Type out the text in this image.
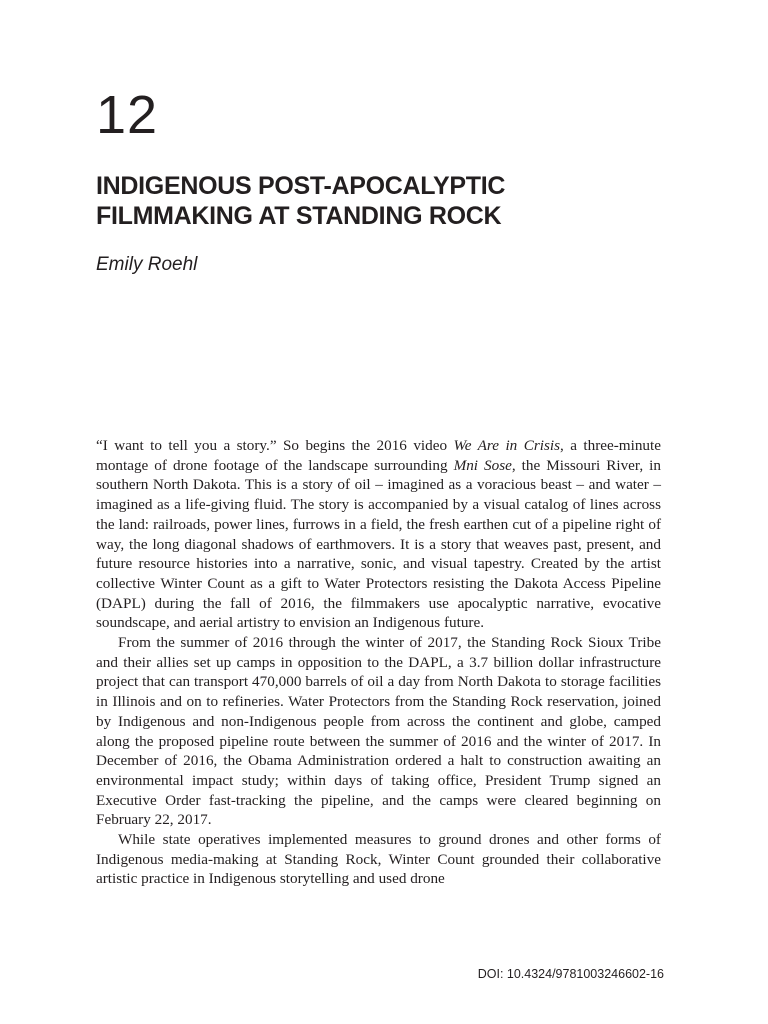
12
INDIGENOUS POST-APOCALYPTIC
FILMMAKING AT STANDING ROCK
Emily Roehl

“I want to tell you a story.” So begins the 2016 video We Are in Crisis, a three-minute montage of drone footage of the landscape surrounding Mni Sose, the Missouri River, in southern North Dakota. This is a story of oil – imagined as a voracious beast – and water – imagined as a life-giving fluid. The story is accompanied by a visual catalog of lines across the land: railroads, power lines, furrows in a field, the fresh earthen cut of a pipeline right of way, the long diagonal shadows of earthmovers. It is a story that weaves past, present, and future resource histories into a narrative, sonic, and visual tapestry. Created by the artist collective Winter Count as a gift to Water Protectors resisting the Dakota Access Pipeline (DAPL) during the fall of 2016, the filmmakers use apocalyptic narrative, evocative soundscape, and aerial artistry to envision an Indigenous future.

From the summer of 2016 through the winter of 2017, the Standing Rock Sioux Tribe and their allies set up camps in opposition to the DAPL, a 3.7 billion dollar infrastructure project that can transport 470,000 barrels of oil a day from North Dakota to storage facilities in Illinois and on to refineries. Water Protectors from the Standing Rock reservation, joined by Indigenous and non-Indigenous people from across the continent and globe, camped along the proposed pipeline route between the summer of 2016 and the winter of 2017. In December of 2016, the Obama Administration ordered a halt to construction awaiting an environmental impact study; within days of taking office, President Trump signed an Executive Order fast-tracking the pipeline, and the camps were cleared beginning on February 22, 2017.

While state operatives implemented measures to ground drones and other forms of Indigenous media-making at Standing Rock, Winter Count grounded their collaborative artistic practice in Indigenous storytelling and used drone

DOI: 10.4324/9781003246602-16
